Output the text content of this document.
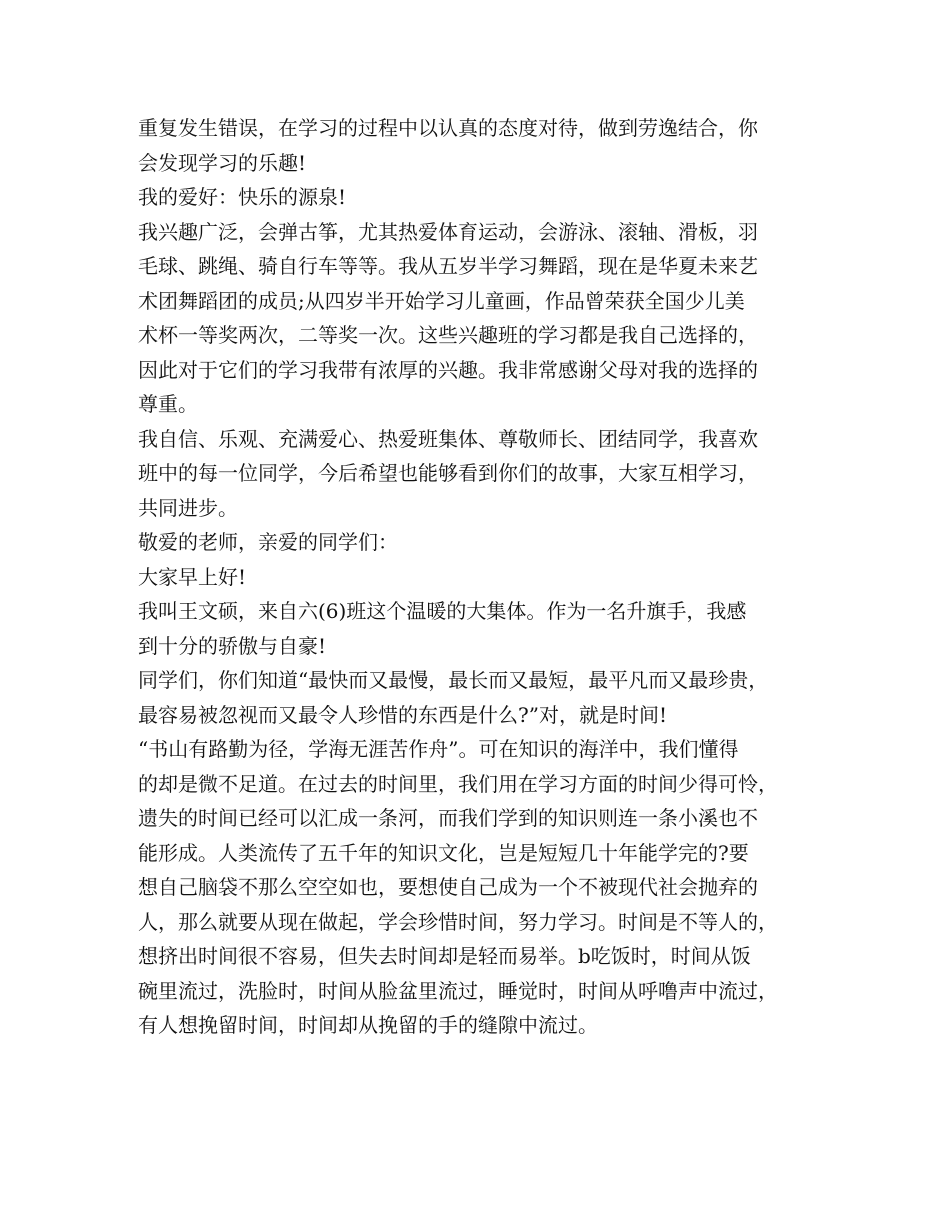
重复发生错误，在学习的过程中以认真的态度对待，做到劳逸结合，你
会发现学习的乐趣!
我的爱好：快乐的源泉!
我兴趣广泛，会弹古筝，尤其热爱体育运动，会游泳、滚轴、滑板，羽
毛球、跳绳、骑自行车等等。我从五岁半学习舞蹈，现在是华夏未来艺
术团舞蹈团的成员;从四岁半开始学习儿童画，作品曾荣获全国少儿美
术杯一等奖两次，二等奖一次。这些兴趣班的学习都是我自己选择的，
因此对于它们的学习我带有浓厚的兴趣。我非常感谢父母对我的选择的
尊重。
我自信、乐观、充满爱心、热爱班集体、尊敬师长、团结同学，我喜欢
班中的每一位同学，今后希望也能够看到你们的故事，大家互相学习，
共同进步。
敬爱的老师，亲爱的同学们：
大家早上好!
我叫王文硕，来自六(6)班这个温暖的大集体。作为一名升旗手，我感
到十分的骄傲与自豪!
同学们，你们知道“最快而又最慢，最长而又最短，最平凡而又最珍贵，
最容易被忽视而又最令人珍惜的东西是什么?”对，就是时间!
“书山有路勤为径，学海无涯苦作舟”。可在知识的海洋中，我们懂得
的却是微不足道。在过去的时间里，我们用在学习方面的时间少得可怜，
遗失的时间已经可以汇成一条河，而我们学到的知识则连一条小溪也不
能形成。人类流传了五千年的知识文化，岂是短短几十年能学完的?要
想自己脑袋不那么空空如也，要想使自己成为一个不被现代社会抛弃的
人，那么就要从现在做起，学会珍惜时间，努力学习。时间是不等人的，
想挤出时间很不容易，但失去时间却是轻而易举。b吃饭时，时间从饭
碗里流过，洗脸时，时间从脸盆里流过，睡觉时，时间从呼噜声中流过，
有人想挽留时间，时间却从挽留的手的缝隙中流过。
